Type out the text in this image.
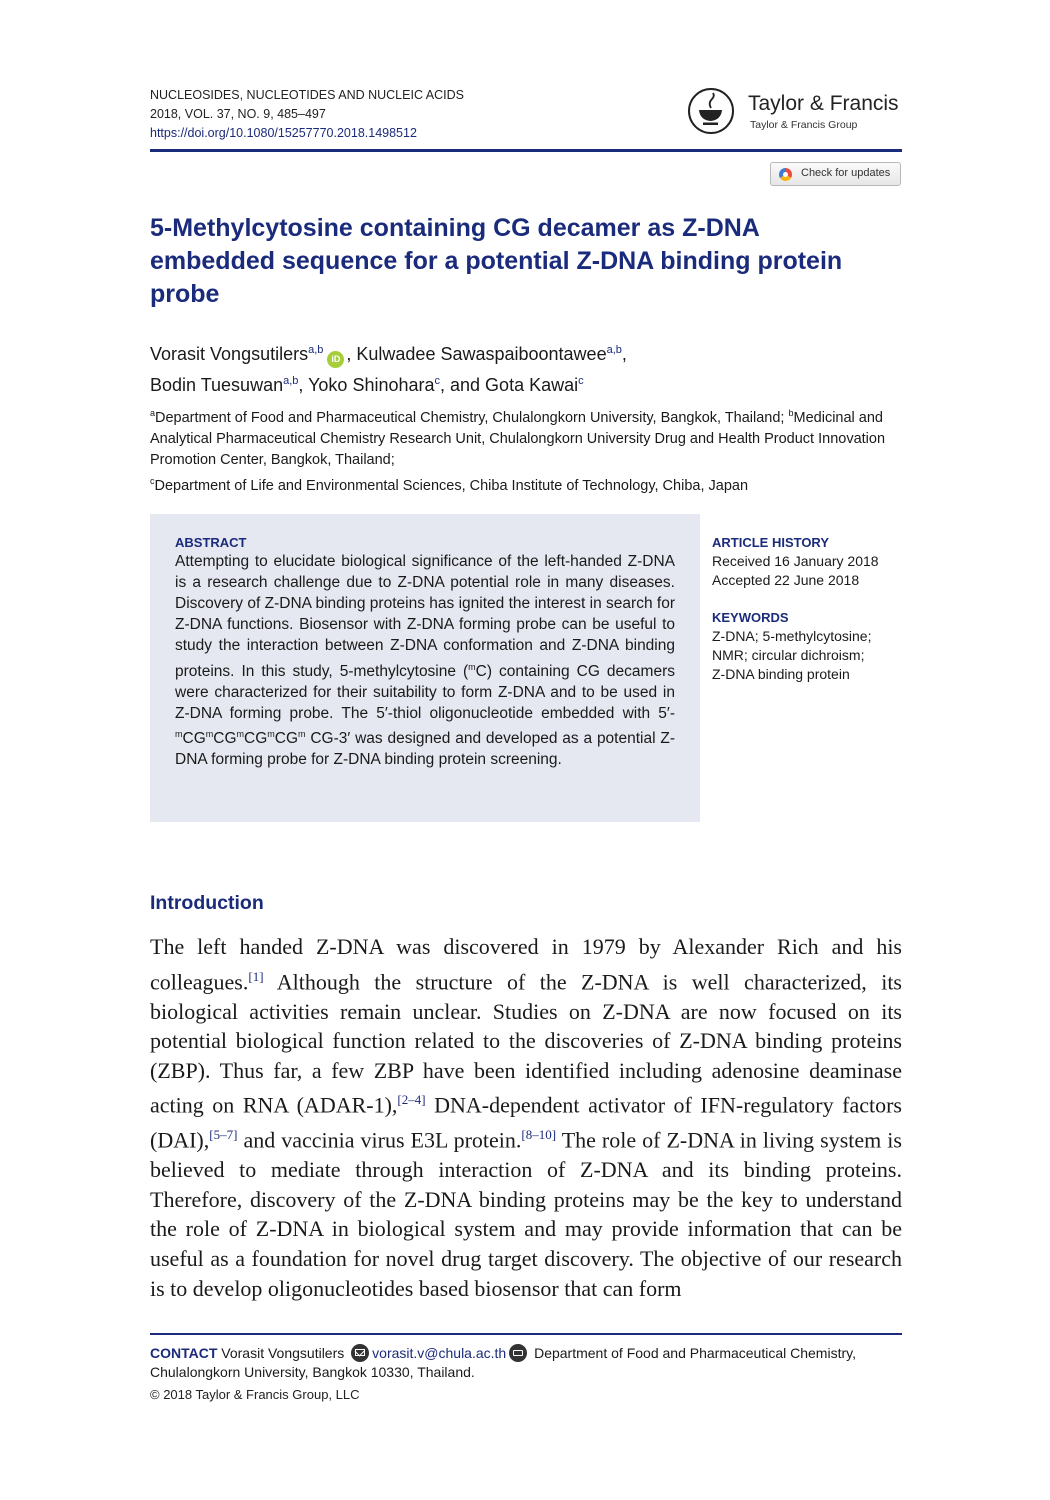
NUCLEOSIDES, NUCLEOTIDES AND NUCLEIC ACIDS
2018, VOL. 37, NO. 9, 485–497
https://doi.org/10.1080/15257770.2018.1498512
Taylor & Francis
Taylor & Francis Group
Check for updates
5-Methylcytosine containing CG decamer as Z-DNA embedded sequence for a potential Z-DNA binding protein probe
Vorasit Vongsutilers$^{a,b}$iD , Kulwadee Sawaspaiboontawee$^{a,b}$,
Bodin Tuesuwan$^{a,b}$, Yoko Shinohara$^c$, and Gota Kawai$^c$
$^a$Department of Food and Pharmaceutical Chemistry, Chulalongkorn University, Bangkok, Thailand; $^b$Medicinal and Analytical Pharmaceutical Chemistry Research Unit, Chulalongkorn University Drug and Health Product Innovation Promotion Center, Bangkok, Thailand;
$^c$Department of Life and Environmental Sciences, Chiba Institute of Technology, Chiba, Japan
ABSTRACT
Attempting to elucidate biological significance of the left-handed Z-DNA is a research challenge due to Z-DNA potential role in many diseases. Discovery of Z-DNA binding proteins has ignited the interest in search for Z-DNA functions. Biosensor with Z-DNA forming probe can be useful to study the interaction between Z-DNA conformation and Z-DNA binding proteins. In this study, 5-methylcytosine ($^m$C) containing CG decamers were characterized for their suitability to form Z-DNA and to be used in Z-DNA forming probe. The 5′-thiol oligonucleotide embedded with $5'-^mCG^mCG^mCG^mCG^m$ CG-3′ was designed and developed as a potential Z-DNA forming probe for Z-DNA binding protein screening.
ARTICLE HISTORY
Received 16 January 2018
Accepted 22 June 2018
KEYWORDS
Z-DNA; 5-methylcytosine;
NMR; circular dichroism;
Z-DNA binding protein
Introduction
The left handed Z-DNA was discovered in 1979 by Alexander Rich and his colleagues.[1] Although the structure of the Z-DNA is well characterized, its biological activities remain unclear. Studies on Z-DNA are now focused on its potential biological function related to the discoveries of Z-DNA binding proteins (ZBP). Thus far, a few ZBP have been identified including adenosine deaminase acting on RNA (ADAR-1),[2–4] DNA-dependent activator of IFN-regulatory factors (DAI),[5–7] and vaccinia virus E3L protein.[8–10] The role of Z-DNA in living system is believed to mediate through interaction of Z-DNA and its binding proteins. Therefore, discovery of the Z-DNA binding proteins may be the key to understand the role of Z-DNA in biological system and may provide information that can be useful as a foundation for novel drug target discovery. The objective of our research is to develop oligonucleotides based biosensor that can form
CONTACT Vorasit Vongsutilers vorasit.v@chula.ac.th Department of Food and Pharmaceutical Chemistry, Chulalongkorn University, Bangkok 10330, Thailand.
© 2018 Taylor & Francis Group, LLC
